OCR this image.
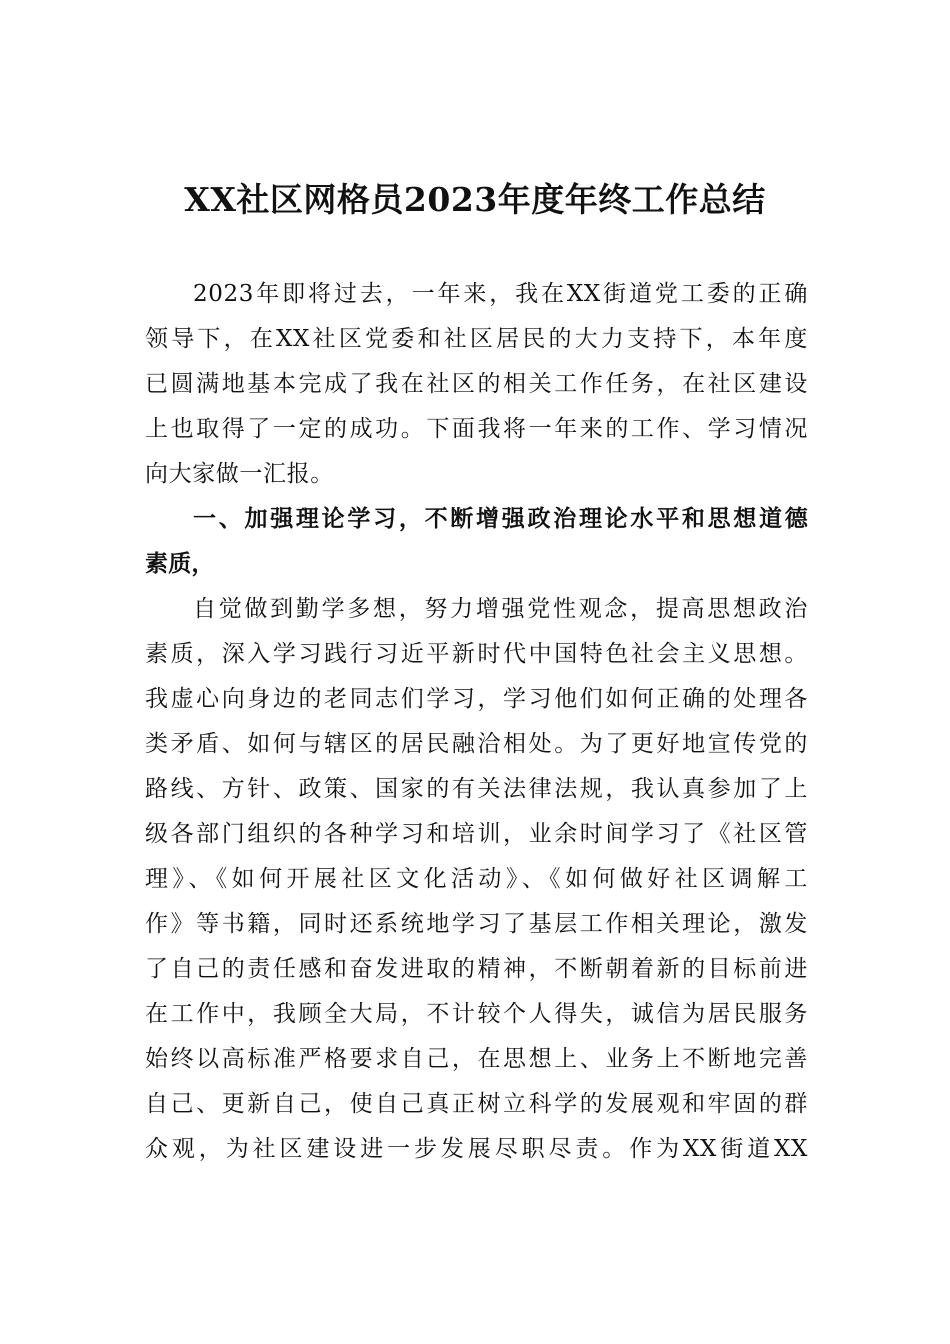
XX社区网格员2023年度年终工作总结
2023年即将过去，一年来，我在XX街道党工委的正确
领导下，在XX社区党委和社区居民的大力支持下，本年度
已圆满地基本完成了我在社区的相关工作任务，在社区建设
上也取得了一定的成功。下面我将一年来的工作、学习情况
向大家做一汇报。
一、加强理论学习，不断增强政治理论水平和思想道德
素质，
自觉做到勤学多想，努力增强党性观念，提高思想政治
素质，深入学习践行习近平新时代中国特色社会主义思想。
我虚心向身边的老同志们学习，学习他们如何正确的处理各
类矛盾、如何与辖区的居民融洽相处。为了更好地宣传党的
路线、方针、政策、国家的有关法律法规，我认真参加了上
级各部门组织的各种学习和培训，业余时间学习了《社区管
理》、《如何开展社区文化活动》、《如何做好社区调解工
作》等书籍，同时还系统地学习了基层工作相关理论，激发
了自己的责任感和奋发进取的精神，不断朝着新的目标前进
在工作中，我顾全大局，不计较个人得失，诚信为居民服务
始终以高标准严格要求自己，在思想上、业务上不断地完善
自己、更新自己，使自己真正树立科学的发展观和牢固的群
众观，为社区建设进一步发展尽职尽责。作为XX街道XX
